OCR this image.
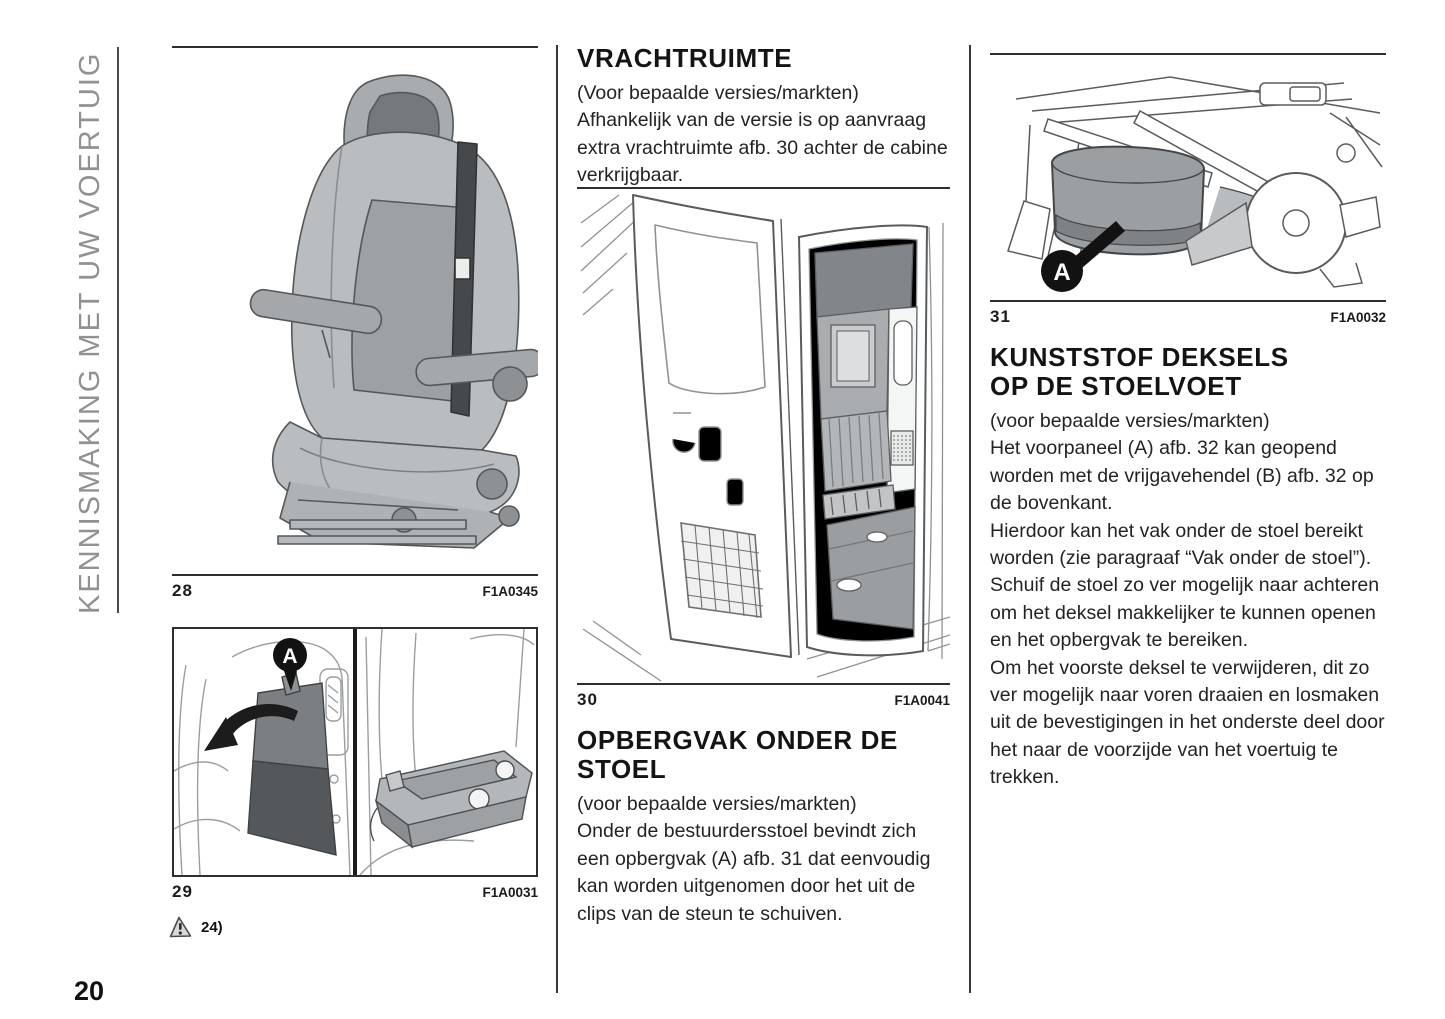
KENNISMAKING MET UW VOERTUIG	28	F1A0345
A
29	F1A0031
24)
20
VRACHTRUIMTE

(Voor bepaalde versies/markten)

Afhankelijk van de versie is op aanvraag extra vrachtruimte afb. 30 achter de cabine verkrijgbaar.

30	F1A0041
OPBERGVAK ONDER DE
STOEL

(voor bepaalde versies/markten)

Onder de bestuurdersstoel bevindt zich een opbergvak (A) afb. 31 dat eenvoudig kan worden uitgenomen door het uit de clips van de steun te schuiven.

A
31	F1A0032
KUNSTSTOF DEKSELS
OP DE STOELVOET

(voor bepaalde versies/markten)

Het voorpaneel (A) afb. 32 kan geopend worden met de vrijgavehendel (B) afb. 32 op de bovenkant.

Hierdoor kan het vak onder de stoel bereikt worden (zie paragraaf “Vak onder de stoel”).

Schuif de stoel zo ver mogelijk naar achteren om het deksel makkelijker te kunnen openen en het opbergvak te bereiken.

Om het voorste deksel te verwijderen, dit zo ver mogelijk naar voren draaien en losmaken uit de bevestigingen in het onderste deel door het naar de voorzijde van het voertuig te trekken.
